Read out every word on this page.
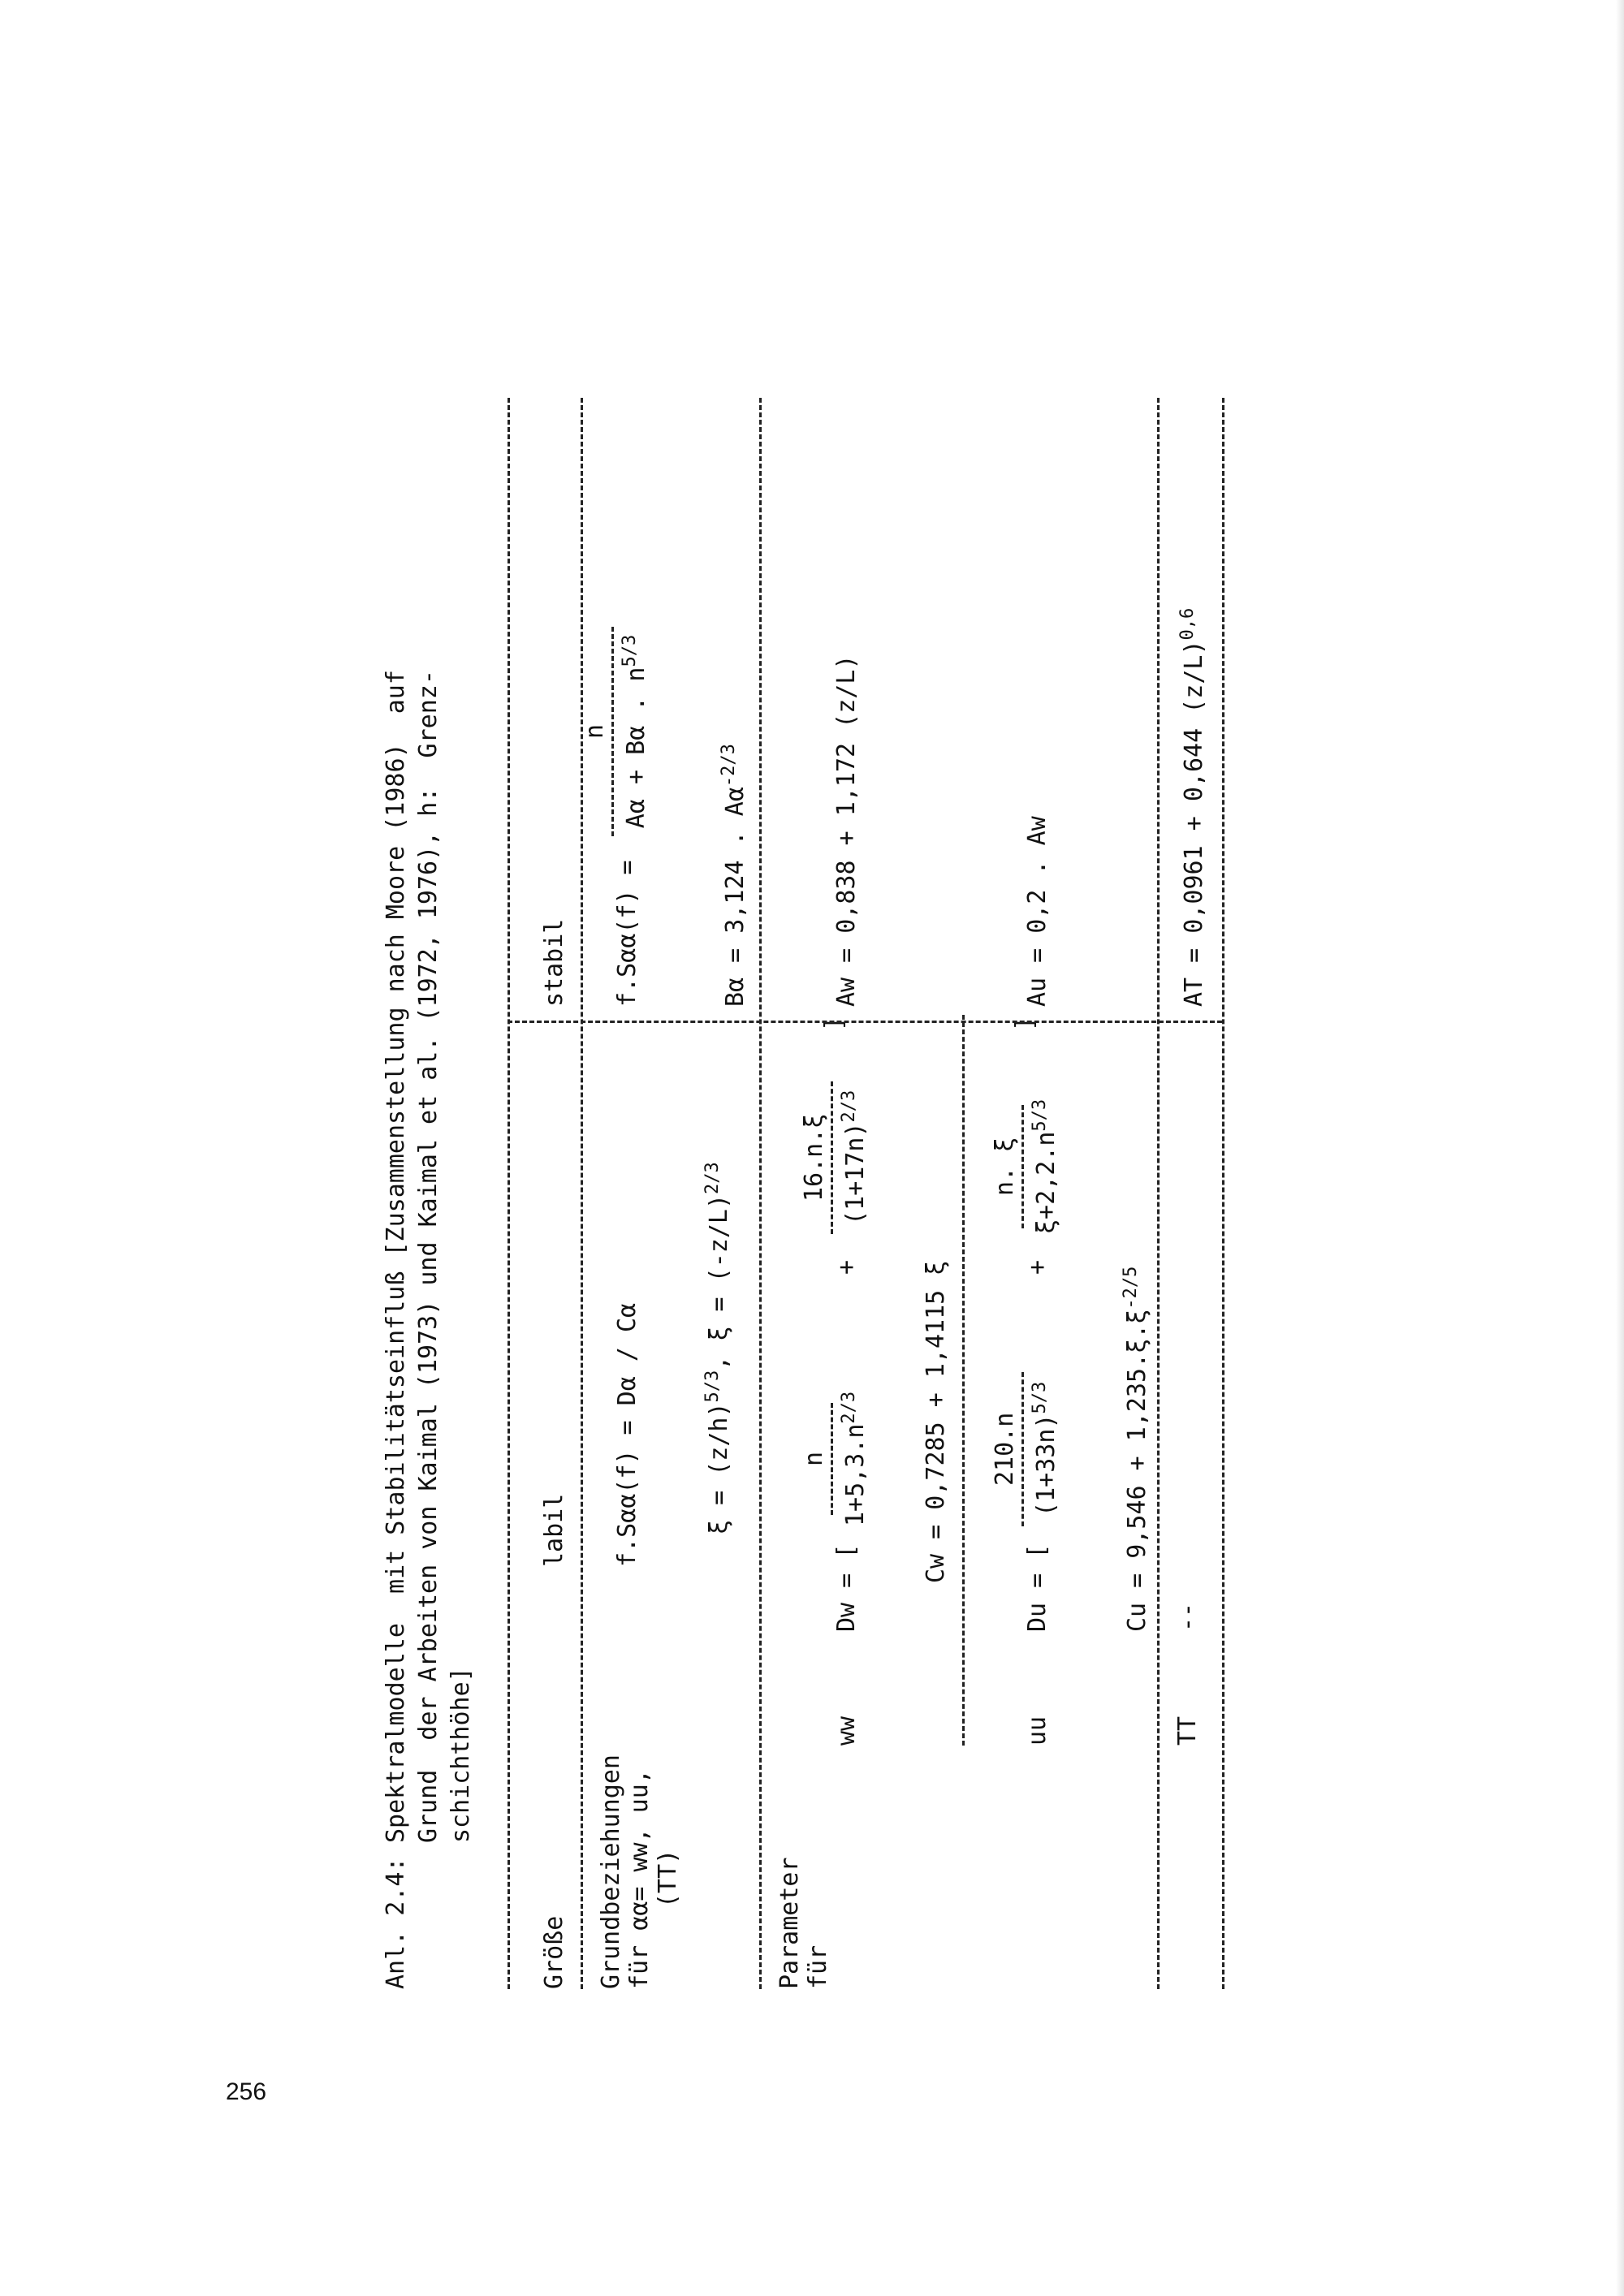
256
Anl. 2.4:
Spektralmodelle  mit Stabilitätseinfluß [Zusammenstellung nach Moore (1986)  auf Grund  der Arbeiten von Kaimal (1973) und Kaimal et al. (1972, 1976), h:  Grenz- schichthöhe]
Größe
labil
stabil
Grundbeziehungen für αα= ww, uu, (TT)
f.Sαα(f) = Dα / Cα	$\xi = (z/h)^{5/3}$, $\xi = (-z/L)^{2/3}$
f.Sαα(f) =
n Aα + Bα . $n^{5/3}$
Bα = 3,124 . $A\alpha^{-2/3}$
Parameter für
ww
Dw = [
n $1+5,3.n^{2/3}$
+
16.n.ξ $(1+17n)^{2/3}$
]
Aw = 0,838 + 1,172 (z/L)
Cw = 0,7285 + 1,4115 ξ
uu
Du = [
210.n $(1+33n)^{5/3}$
+
n. ξ $\xi+2,2.n^{5/3}$
]
Au = 0,2 . Aw
$Cu = 9,546 + 1,235.\xi.\xi^{-2/5}$
TT
--
AT = 0,0961 + 0,644 $(z/L)^{0,6}$
